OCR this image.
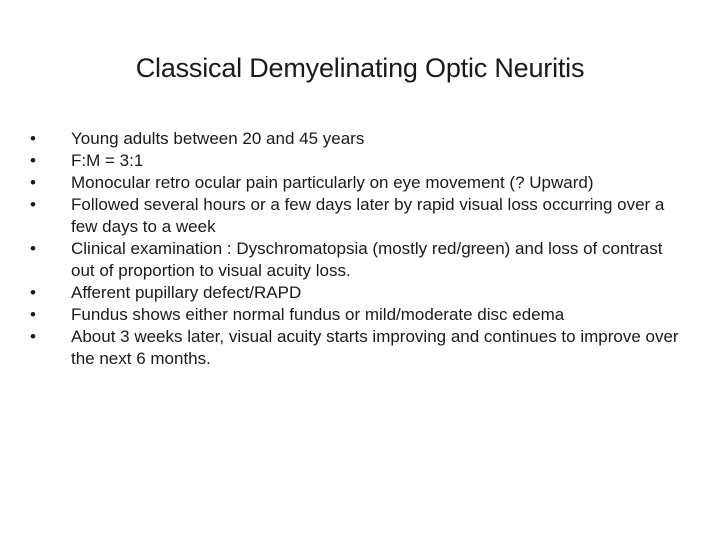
Classical Demyelinating Optic Neuritis
•	Young adults between 20 and 45 years
•	F:M = 3:1
•	Monocular retro ocular pain particularly on eye movement (? Upward)
•	Followed several hours or a few days later by rapid visual loss occurring over a few days to a week
•	Clinical examination : Dyschromatopsia (mostly red/green) and loss of contrast out of proportion to visual acuity loss.
•	Afferent pupillary defect/RAPD
•	Fundus shows either normal fundus or mild/moderate disc edema
•	About 3 weeks later, visual acuity starts improving and continues to improve over the next 6 months.
